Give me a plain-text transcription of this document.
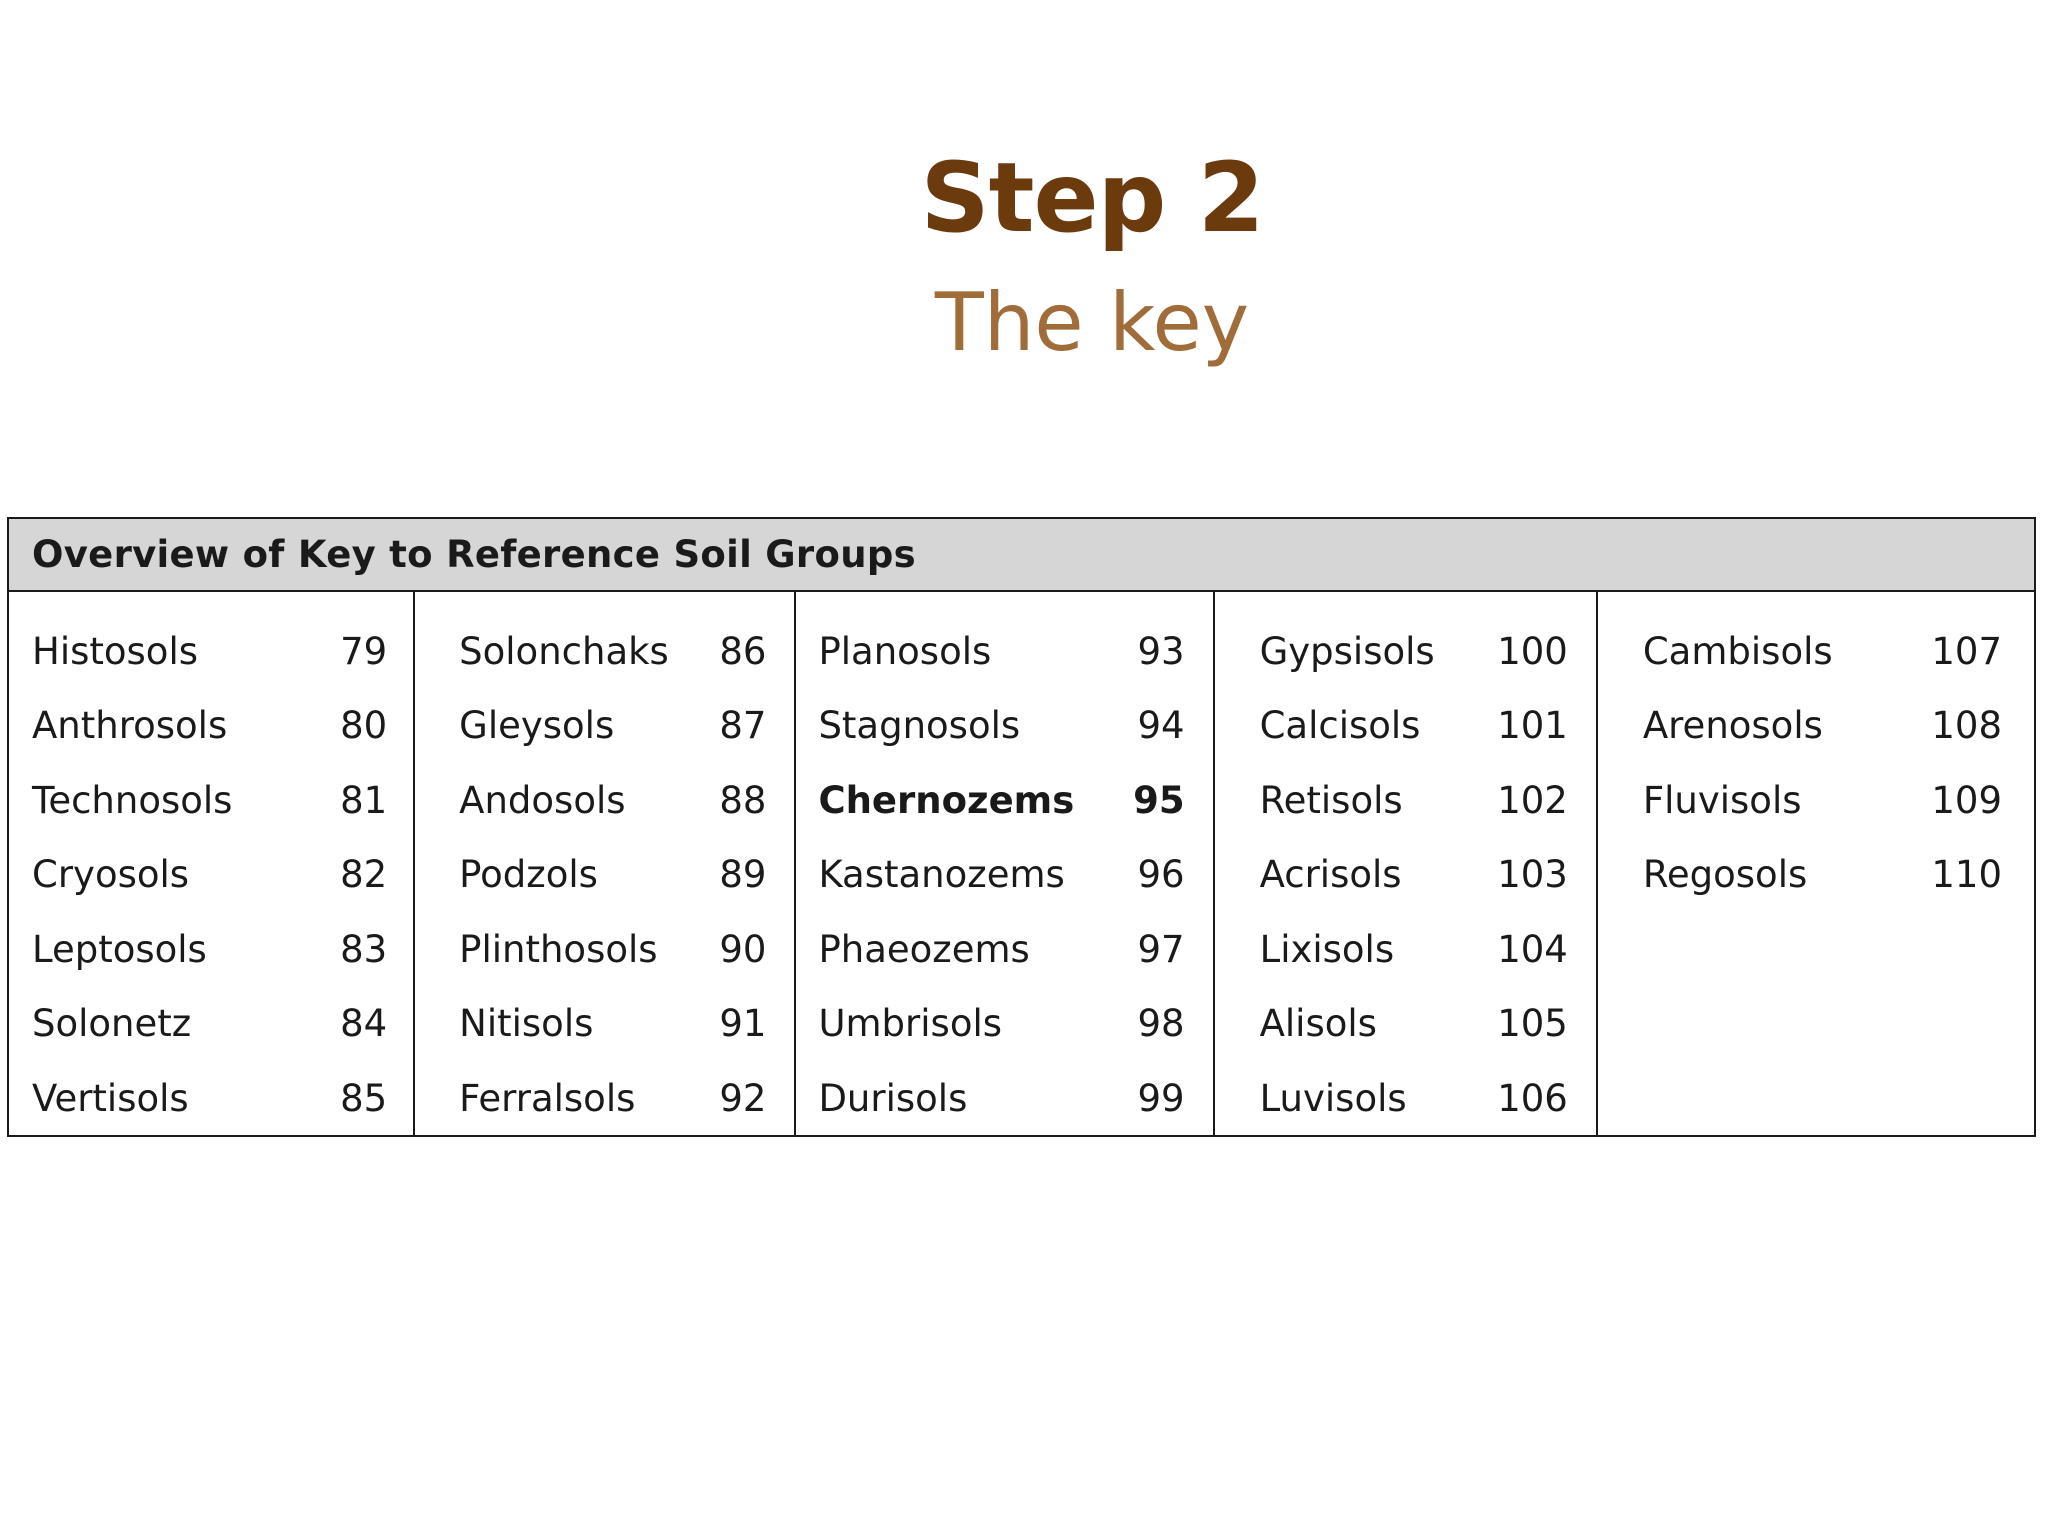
Step 2
The key
Overview of Key to Reference Soil Groups
Histosols	79
Anthrosols	80
Technosols	81
Cryosols	82
Leptosols	83
Solonetz	84
Vertisols	85
Solonchaks 86
Gleysols	87
Andosols	88
Podzols	89
Plinthosols 90
Nitisols	91
Ferralsols 92
Planosols	93
Stagnosols	94
Chernozems 95
Kastanozems 96
Phaeozems	97
Umbrisols	98
Durisols	99
Gypsisols 100
Calcisols 101
Retisols	102
Acrisols	103
Lixisols	104
Alisols	105
Luvisols 106
Cambisols	107
Arenosols	108
Fluvisols	109
Regosols	110
